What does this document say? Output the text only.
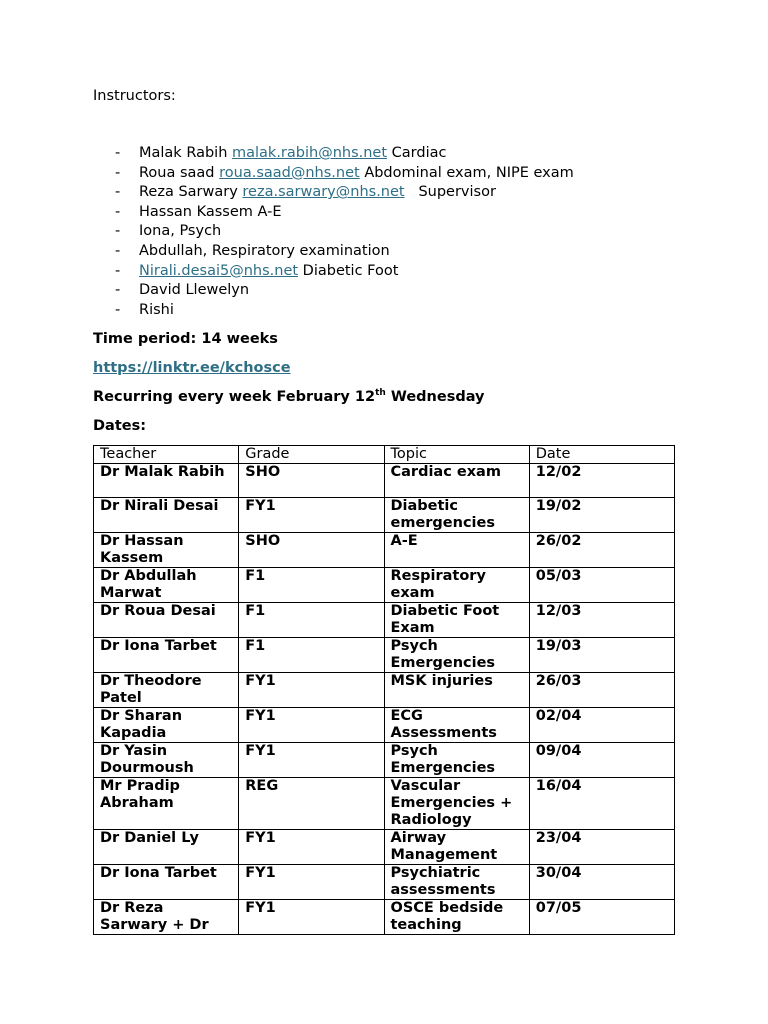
Instructors:

- Malak Rabih malak.rabih@nhs.net Cardiac
- Roua saad roua.saad@nhs.net Abdominal exam, NIPE exam
- Reza Sarwary reza.sarwary@nhs.net Supervisor
- Hassan Kassem A-E
- Iona, Psych
- Abdullah, Respiratory examination
- Nirali.desai5@nhs.net Diabetic Foot
- David Llewelyn
- Rishi

Time period: 14 weeks

https://linktr.ee/kchosce

Recurring every week February 12th Wednesday

Dates:

Teacher	Grade	Topic	Date
Dr Malak Rabih	SHO	Cardiac exam	12/02
Dr Nirali Desai	FY1	Diabetic emergencies	19/02
Dr Hassan Kassem	SHO	A-E	26/02
Dr Abdullah Marwat	F1	Respiratory exam	05/03
Dr Roua Desai	F1	Diabetic Foot Exam	12/03
Dr Iona Tarbet	F1	Psych Emergencies	19/03
Dr Theodore Patel	FY1	MSK injuries	26/03
Dr Sharan Kapadia	FY1	ECG Assessments	02/04
Dr Yasin Dourmoush	FY1	Psych Emergencies	09/04
Mr Pradip Abraham	REG	Vascular Emergencies + Radiology	16/04
Dr Daniel Ly	FY1	Airway Management	23/04
Dr Iona Tarbet	FY1	Psychiatric assessments	30/04
Dr Reza Sarwary + Dr	FY1	OSCE bedside teaching	07/05
